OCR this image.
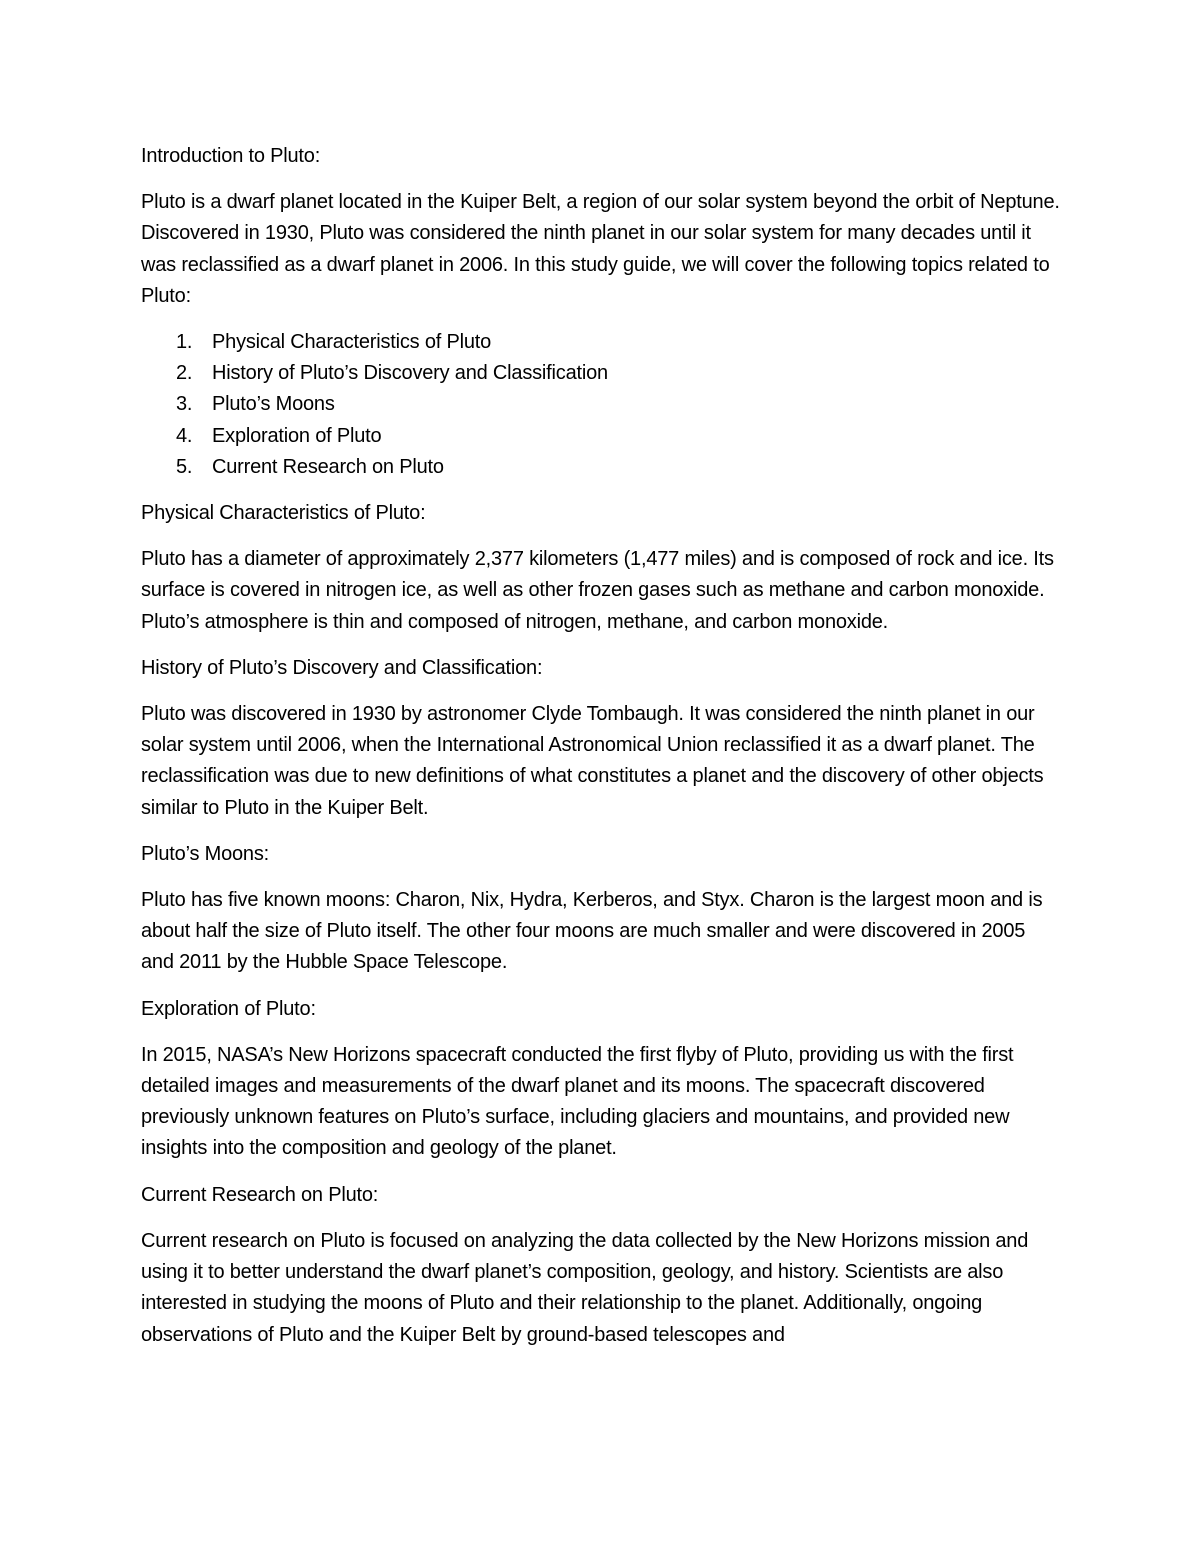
Introduction to Pluto:

Pluto is a dwarf planet located in the Kuiper Belt, a region of our solar system beyond the orbit of Neptune. Discovered in 1930, Pluto was considered the ninth planet in our solar system for many decades until it was reclassified as a dwarf planet in 2006. In this study guide, we will cover the following topics related to Pluto:

1. Physical Characteristics of Pluto
2. History of Pluto’s Discovery and Classification
3. Pluto’s Moons
4. Exploration of Pluto
5. Current Research on Pluto

Physical Characteristics of Pluto:

Pluto has a diameter of approximately 2,377 kilometers (1,477 miles) and is composed of rock and ice. Its surface is covered in nitrogen ice, as well as other frozen gases such as methane and carbon monoxide. Pluto’s atmosphere is thin and composed of nitrogen, methane, and carbon monoxide.

History of Pluto’s Discovery and Classification:

Pluto was discovered in 1930 by astronomer Clyde Tombaugh. It was considered the ninth planet in our solar system until 2006, when the International Astronomical Union reclassified it as a dwarf planet. The reclassification was due to new definitions of what constitutes a planet and the discovery of other objects similar to Pluto in the Kuiper Belt.

Pluto’s Moons:

Pluto has five known moons: Charon, Nix, Hydra, Kerberos, and Styx. Charon is the largest moon and is about half the size of Pluto itself. The other four moons are much smaller and were discovered in 2005 and 2011 by the Hubble Space Telescope.

Exploration of Pluto:

In 2015, NASA’s New Horizons spacecraft conducted the first flyby of Pluto, providing us with the first detailed images and measurements of the dwarf planet and its moons. The spacecraft discovered previously unknown features on Pluto’s surface, including glaciers and mountains, and provided new insights into the composition and geology of the planet.

Current Research on Pluto:

Current research on Pluto is focused on analyzing the data collected by the New Horizons mission and using it to better understand the dwarf planet’s composition, geology, and history. Scientists are also interested in studying the moons of Pluto and their relationship to the planet. Additionally, ongoing observations of Pluto and the Kuiper Belt by ground-based telescopes and
